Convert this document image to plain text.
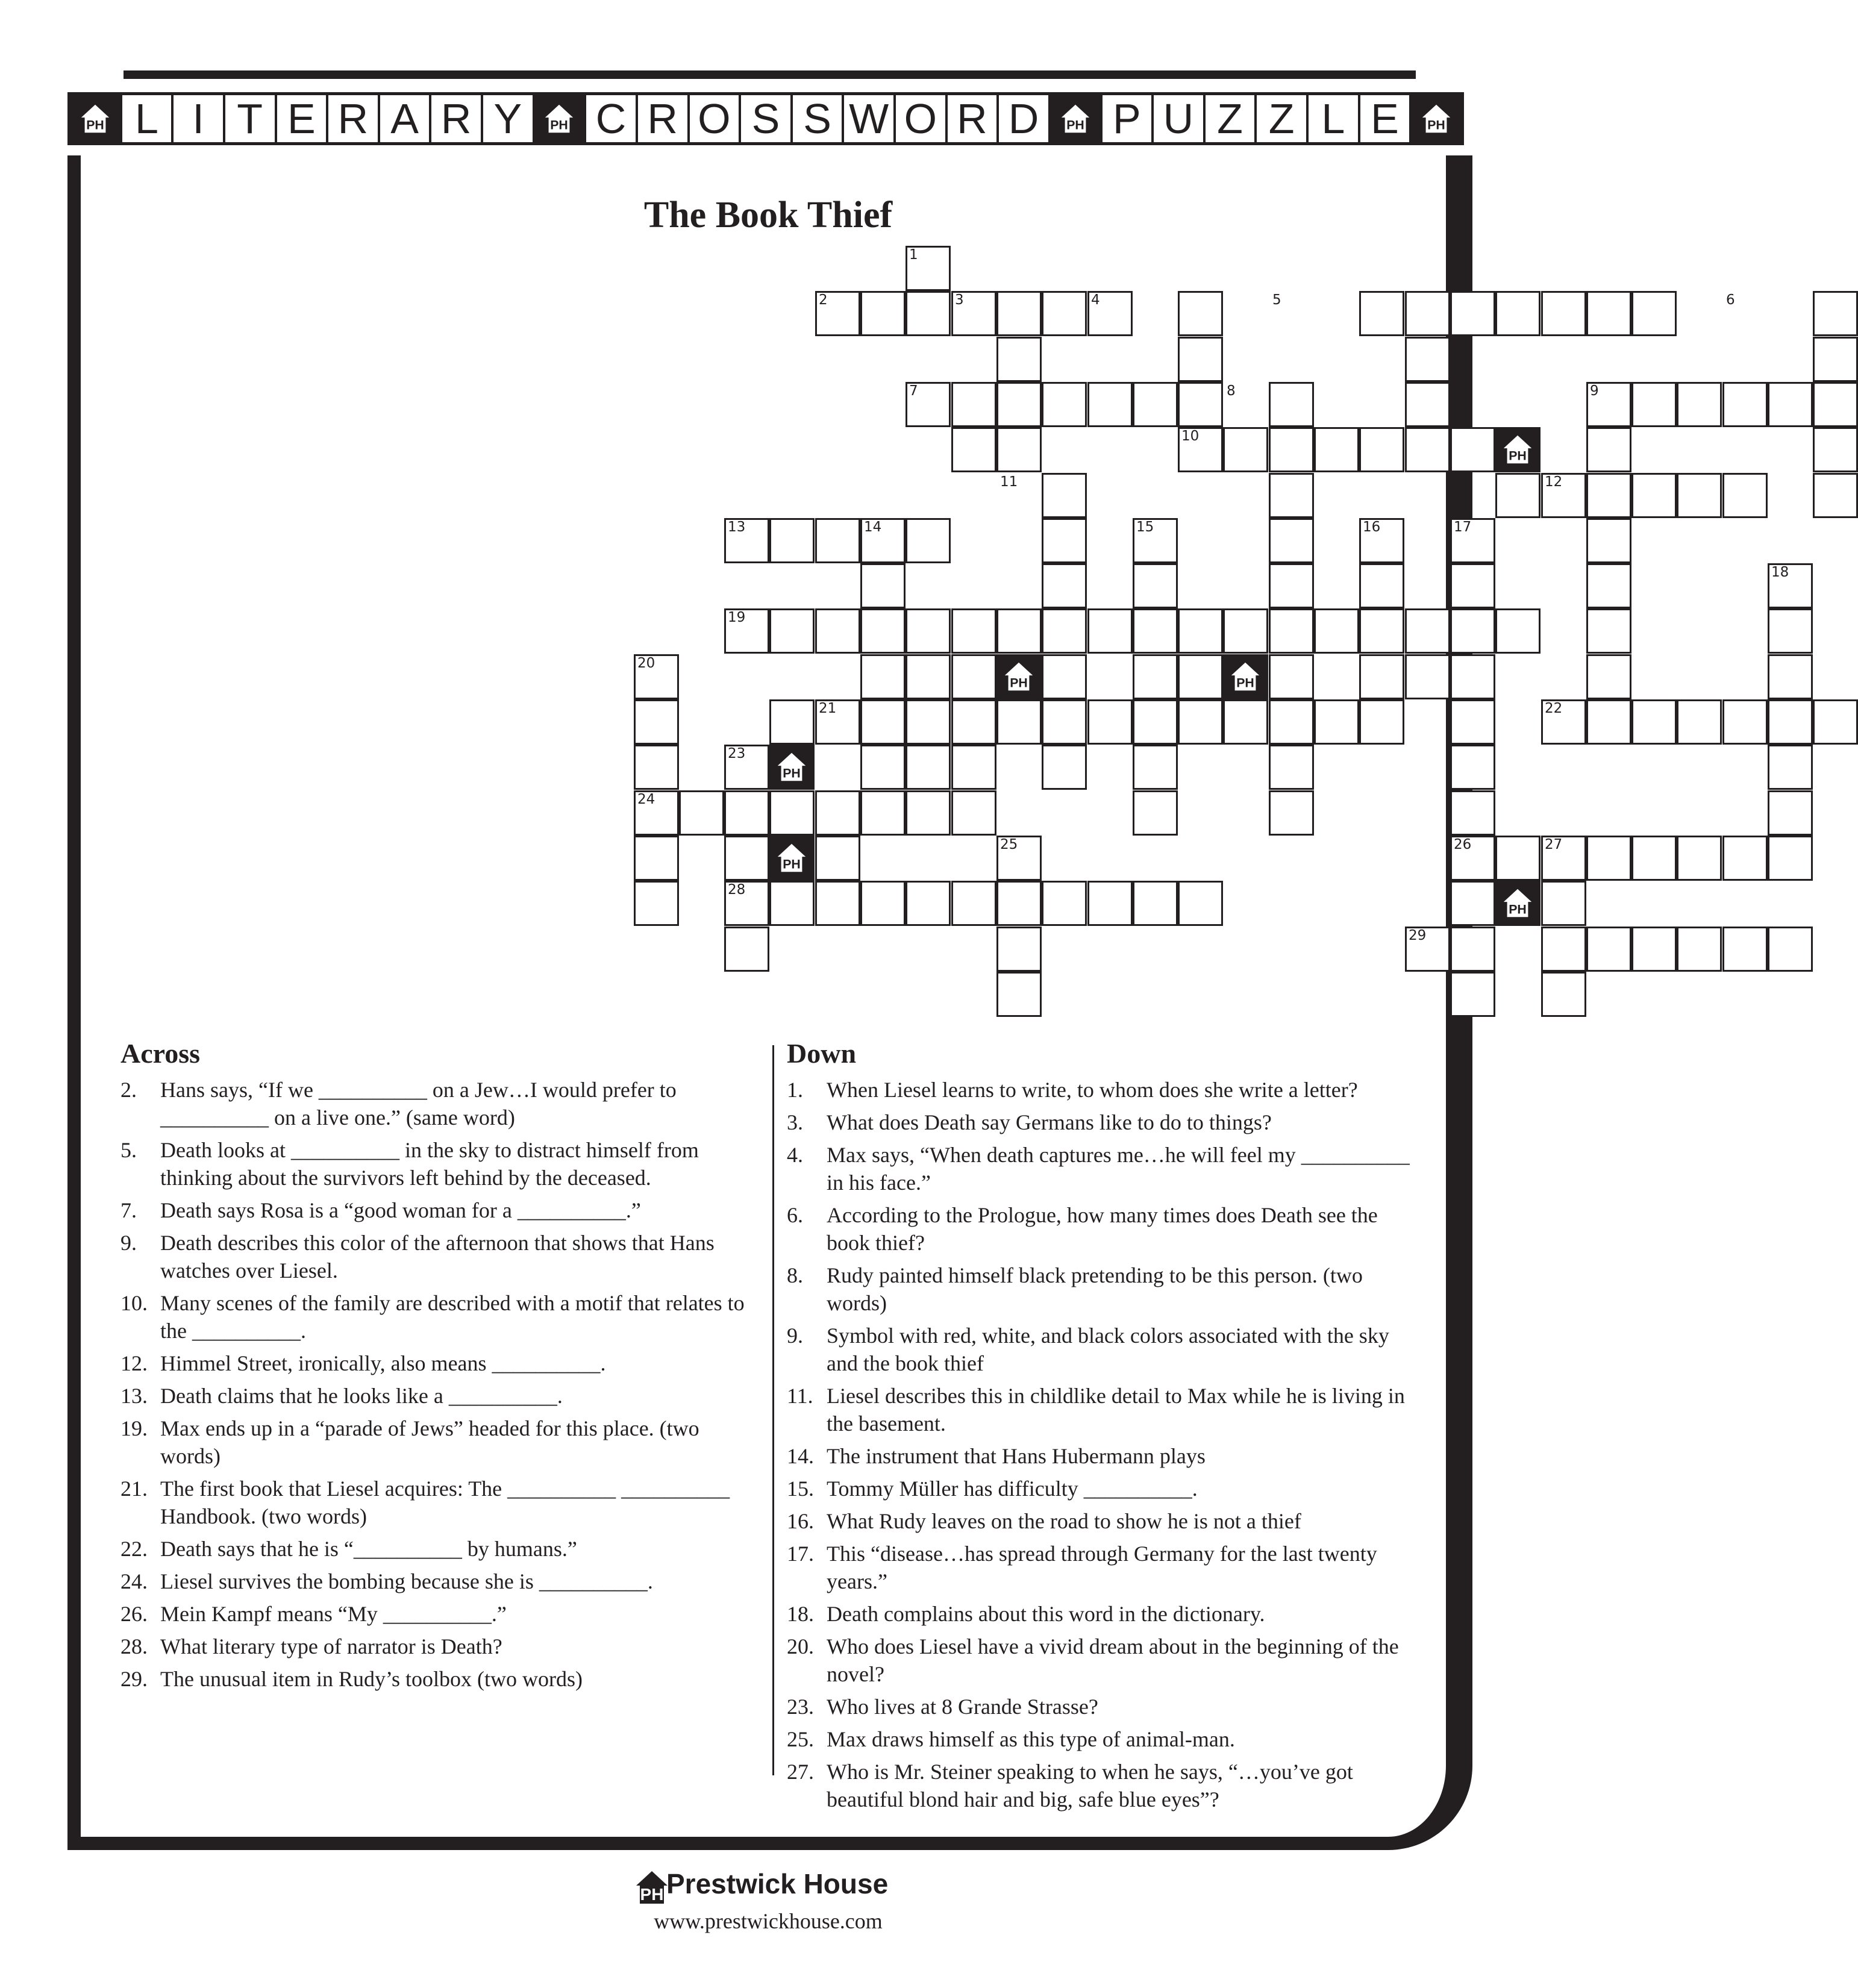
PH L I T E R A R Y	PH C R O S S W O R D	PH P U Z Z L E	PH
The Book Thief
PH
PH	PH
PH
PH
PH
1
2	3	4	5	6
7	8	9
10
11	12
13	14	15	16	17
18
19
20
21	22
23
24
25	26	27
28
29
Across
2.	Hans says, “If we __________ on a Jew…I would prefer to __________ on a live one.” (same word)
5.	Death looks at __________ in the sky to distract himself from thinking about the survivors left behind by the deceased.
7.	Death says Rosa is a “good woman for a __________.”
9.	Death describes this color of the afternoon that shows that Hans watches over Liesel.
10. Many scenes of the family are described with a motif that relates to the __________.
12. Himmel Street, ironically, also means __________.
13. Death claims that he looks like a __________.
19. Max ends up in a “parade of Jews” headed for this place. (two words)
21. The first book that Liesel acquires: The __________ __________ Handbook. (two words)
22. Death says that he is “__________ by humans.”
24. Liesel survives the bombing because she is __________.
26. Mein Kampf means “My __________.”
28. What literary type of narrator is Death?
29. The unusual item in Rudy’s toolbox (two words)
Down
1.	When Liesel learns to write, to whom does she write a letter?
3.	What does Death say Germans like to do to things?
4.	Max says, “When death captures me…he will feel my __________ in his face.”
6.	According to the Prologue, how many times does Death see the book thief?
8.	Rudy painted himself black pretending to be this person. (two words)
9.	Symbol with red, white, and black colors associated with the sky and the book thief
11. Liesel describes this in childlike detail to Max while he is living in the basement.
14. The instrument that Hans Hubermann plays
15. Tommy Müller has difficulty __________.
16. What Rudy leaves on the road to show he is not a thief
17. This “disease…has spread through Germany for the last twenty years.”
18. Death complains about this word in the dictionary.
20. Who does Liesel have a vivid dream about in the beginning of the novel?
23. Who lives at 8 Grande Strasse?
25. Max draws himself as this type of animal-man.
27. Who is Mr. Steiner speaking to when he says, “…you’ve got beautiful blond hair and big, safe blue eyes”?
PH Prestwick House
www.prestwickhouse.com
